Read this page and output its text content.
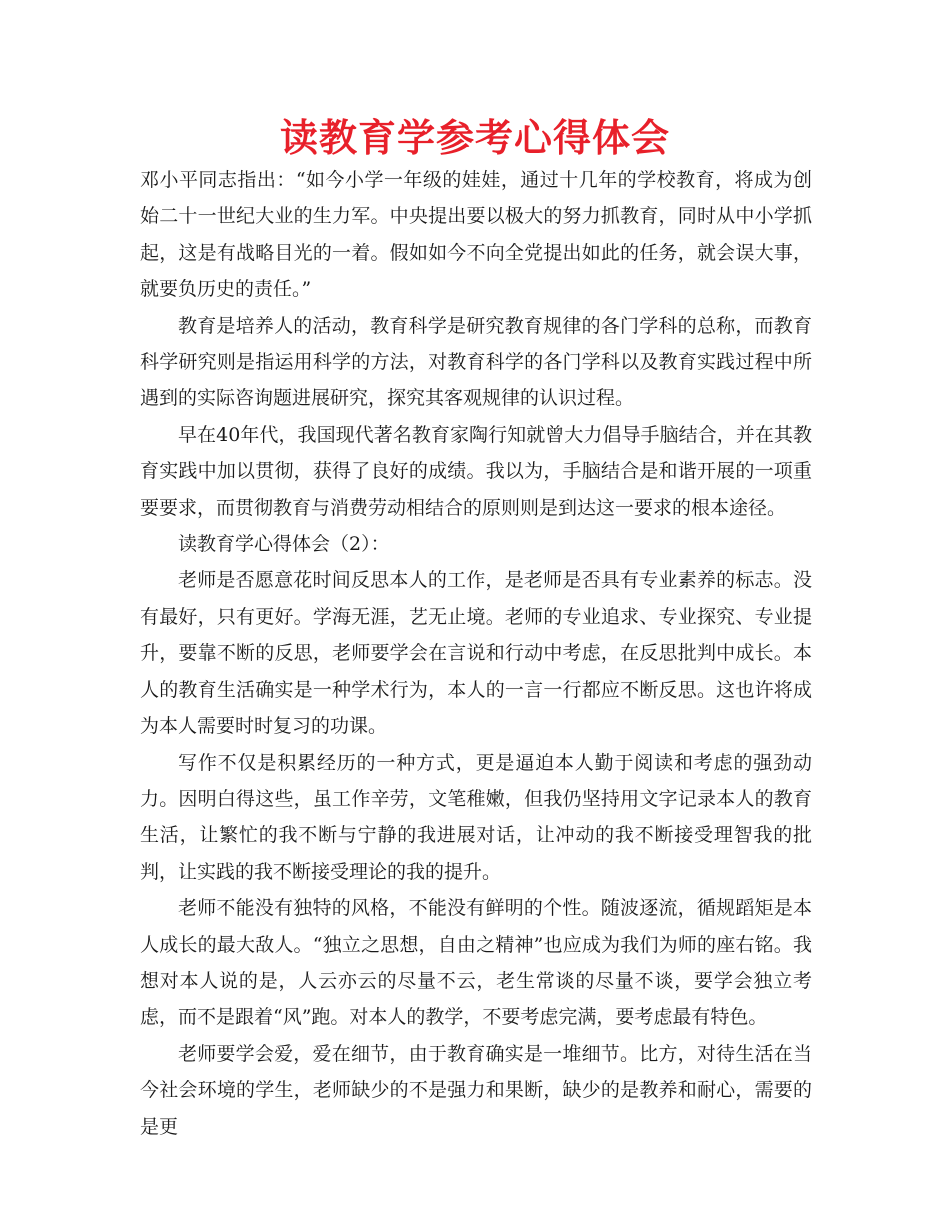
读教育学参考心得体会

邓小平同志指出：“如今小学一年级的娃娃，通过十几年的学校教育，将成为创始二十一世纪大业的生力军。中央提出要以极大的努力抓教育，同时从中小学抓起，这是有战略目光的一着。假如如今不向全党提出如此的任务，就会误大事，就要负历史的责任。”

教育是培养人的活动，教育科学是研究教育规律的各门学科的总称，而教育科学研究则是指运用科学的方法，对教育科学的各门学科以及教育实践过程中所遇到的实际咨询题进展研究，探究其客观规律的认识过程。

早在40年代，我国现代著名教育家陶行知就曾大力倡导手脑结合，并在其教育实践中加以贯彻，获得了良好的成绩。我以为，手脑结合是和谐开展的一项重要要求，而贯彻教育与消费劳动相结合的原则则是到达这一要求的根本途径。

读教育学心得体会（2）：

老师是否愿意花时间反思本人的工作，是老师是否具有专业素养的标志。没有最好，只有更好。学海无涯，艺无止境。老师的专业追求、专业探究、专业提升，要靠不断的反思，老师要学会在言说和行动中考虑，在反思批判中成长。本人的教育生活确实是一种学术行为，本人的一言一行都应不断反思。这也许将成为本人需要时时复习的功课。

写作不仅是积累经历的一种方式，更是逼迫本人勤于阅读和考虑的强劲动力。因明白得这些，虽工作辛劳，文笔稚嫩，但我仍坚持用文字记录本人的教育生活，让繁忙的我不断与宁静的我进展对话，让冲动的我不断接受理智我的批判，让实践的我不断接受理论的我的提升。

老师不能没有独特的风格，不能没有鲜明的个性。随波逐流，循规蹈矩是本人成长的最大敌人。“独立之思想，自由之精神”也应成为我们为师的座右铭。我想对本人说的是，人云亦云的尽量不云，老生常谈的尽量不谈，要学会独立考虑，而不是跟着“风”跑。对本人的教学，不要考虑完满，要考虑最有特色。

老师要学会爱，爱在细节，由于教育确实是一堆细节。比方，对待生活在当今社会环境的学生，老师缺少的不是强力和果断，缺少的是教养和耐心，需要的是更
